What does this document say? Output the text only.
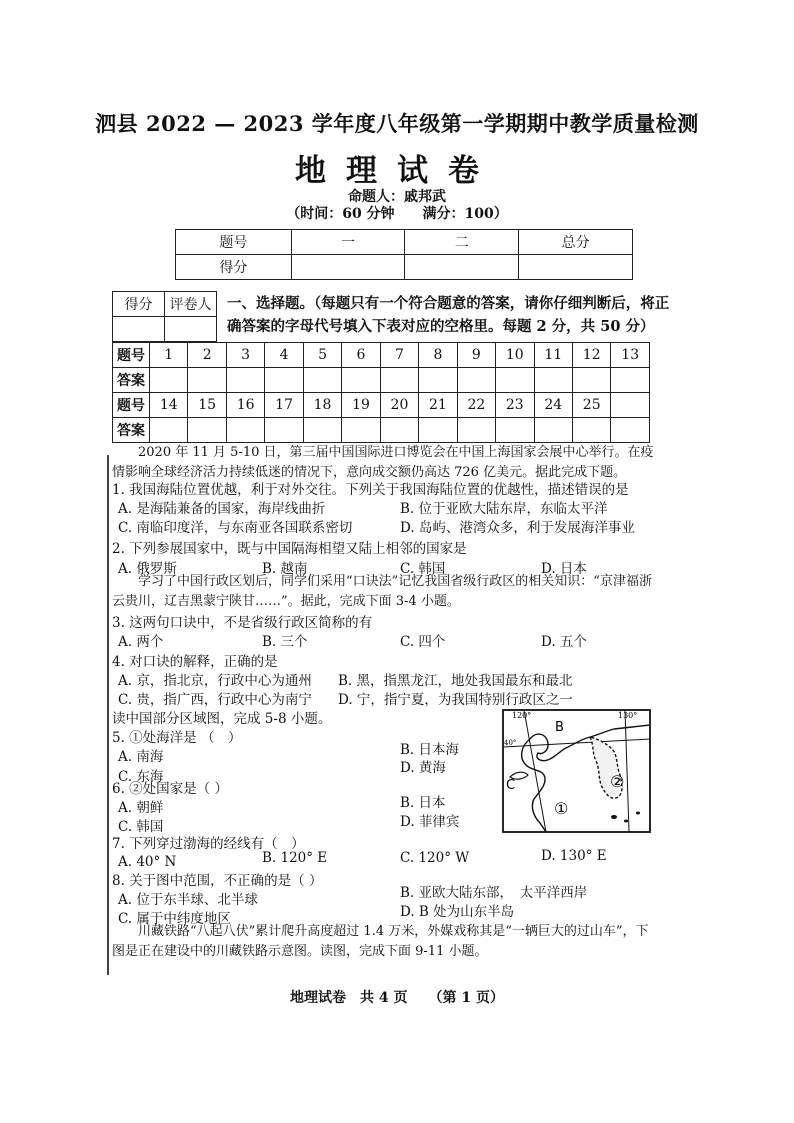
泗县 2022 — 2023 学年度八年级第一学期期中教学质量检测
地理试卷
命题人：戚邦武
（时间：60 分钟　　满分：100）
题号	一	二	总分
得分			
得分	评卷人
	一、选择题。（每题只有一个符合题意的答案，请你仔细判断后，将正确答案的字母代号填入下表对应的空格里。每题 2 分，共 50 分）
题号	1	2	3	4	5	6	7	8	9	10	11	12	13
答案													
题号	14	15	16	17	18	19	20	21	22	23	24	25	
答案													
2020 年 11 月 5-10 日，第三届中国国际进口博览会在中国上海国家会展中心举行。在疫情影响全球经济活力持续低迷的情况下，意向成交额仍高达 726 亿美元。据此完成下题。
1. 我国海陆位置优越，利于对外交往。下列关于我国海陆位置的优越性，描述错误的是
A. 是海陆兼备的国家，海岸线曲折	B. 位于亚欧大陆东岸，东临太平洋
C. 南临印度洋，与东南亚各国联系密切	D. 岛屿、港湾众多，利于发展海洋事业
2. 下列参展国家中，既与中国隔海相望又陆上相邻的国家是
A. 俄罗斯	B. 越南	C. 韩国	D. 日本
学习了中国行政区划后，同学们采用“口诀法”记忆我国省级行政区的相关知识：“京津福浙云贵川，辽吉黑蒙宁陕甘……”。据此，完成下面 3-4 小题。
3. 这两句口诀中，不是省级行政区简称的有
A. 两个	B. 三个	C. 四个	D. 五个
4. 对口诀的解释，正确的是
A. 京，指北京，行政中心为通州 B. 黑，指黑龙江，地处我国最东和最北
C. 贵，指广西，行政中心为南宁 D. 宁，指宁夏，为我国特别行政区之一
读中国部分区域图，完成 5-8 小题。
5. ①处海洋是 （　）
A. 南海	B. 日本海
C. 东海
D. 黄海
6. ②处国家是（ ）
A. 朝鲜	B. 日本
C. 韩国	D. 菲律宾
7. 下列穿过渤海的经线有（　）
A. 40° N	B. 120° E	C. 120° W	D. 130° E
8. 关于图中范围，不正确的是（ ）
A. 位于东半球、北半球	B. 亚欧大陆东部，　太平洋西岸
C. 属于中纬度地区	D. B 处为山东半岛
川藏铁路“八起八伏”累计爬升高度超过 1.4 万米，外媒戏称其是“一辆巨大的过山车”，下图是正在建设中的川藏铁路示意图。读图，完成下面 9-11 小题。
120°	130°
40°
B
C
①
②
地理试卷　共 4 页　　（第 1 页）
